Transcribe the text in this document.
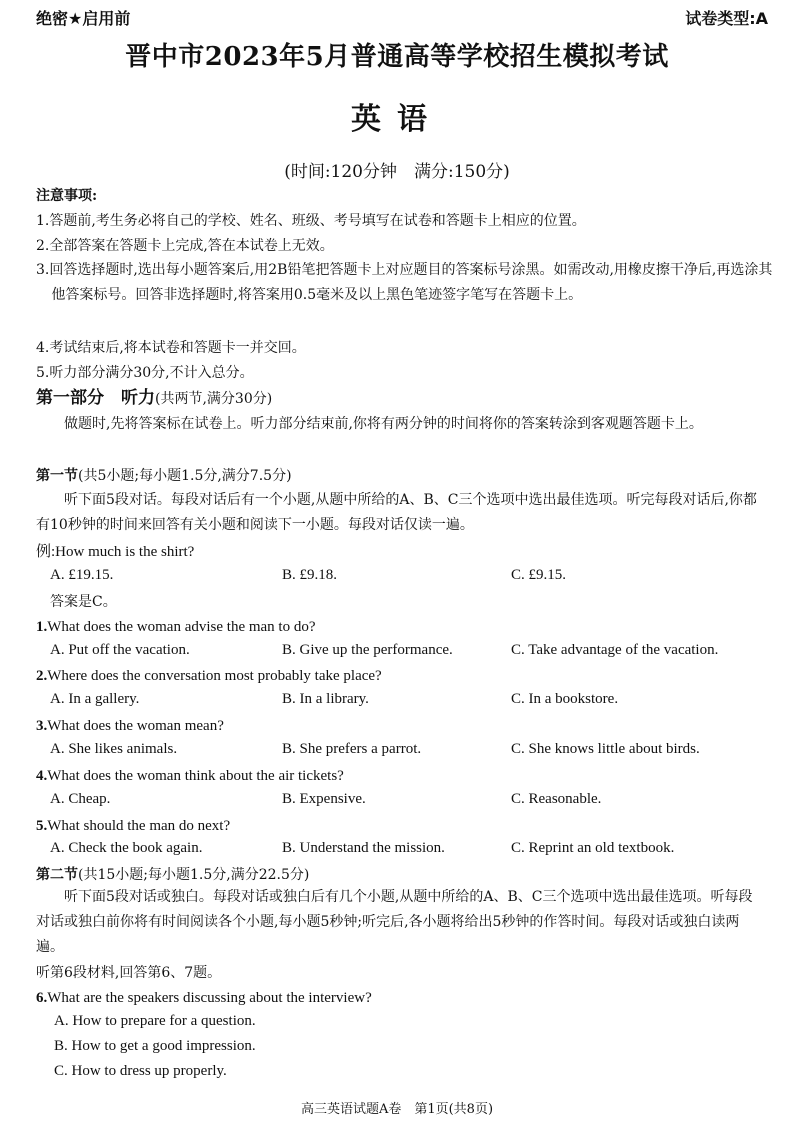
绝密★启用前	试卷类型:A
晋中市2023年5月普通高等学校招生模拟考试
英语
(时间:120分钟　满分:150分)
注意事项:
1.答题前,考生务必将自己的学校、姓名、班级、考号填写在试卷和答题卡上相应的位置。
2.全部答案在答题卡上完成,答在本试卷上无效。
3.回答选择题时,选出每小题答案后,用2B铅笔把答题卡上对应题目的答案标号涂黑。如需改动,用橡皮擦干净后,再选涂其他答案标号。回答非选择题时,将答案用0.5毫米及以上黑色笔迹签字笔写在答题卡上。
4.考试结束后,将本试卷和答题卡一并交回。
5.听力部分满分30分,不计入总分。
第一部分　听力(共两节,满分30分)
做题时,先将答案标在试卷上。听力部分结束前,你将有两分钟的时间将你的答案转涂到客观题答题卡上。
第一节(共5小题;每小题1.5分,满分7.5分)
听下面5段对话。每段对话后有一个小题,从题中所给的A、B、C三个选项中选出最佳选项。听完每段对话后,你都有10秒钟的时间来回答有关小题和阅读下一小题。每段对话仅读一遍。
例:How much is the shirt?
A. £19.15.	B. £9.18.	C. £9.15.
答案是C。
1.What does the woman advise the man to do?
A. Put off the vacation.	B. Give up the performance.	C. Take advantage of the vacation.
2.Where does the conversation most probably take place?
A. In a gallery.	B. In a library.	C. In a bookstore.
3.What does the woman mean?
A. She likes animals.	B. She prefers a parrot.	C. She knows little about birds.
4.What does the woman think about the air tickets?
A. Cheap.	B. Expensive.	C. Reasonable.
5.What should the man do next?
A. Check the book again.	B. Understand the mission.	C. Reprint an old textbook.
第二节(共15小题;每小题1.5分,满分22.5分)
听下面5段对话或独白。每段对话或独白后有几个小题,从题中所给的A、B、C三个选项中选出最佳选项。听每段对话或独白前你将有时间阅读各个小题,每小题5秒钟;听完后,各小题将给出5秒钟的作答时间。每段对话或独白读两遍。
听第6段材料,回答第6、7题。
6.What are the speakers discussing about the interview?
A. How to prepare for a question.
B. How to get a good impression.
C. How to dress up properly.
高三英语试题A卷　第1页(共8页)
